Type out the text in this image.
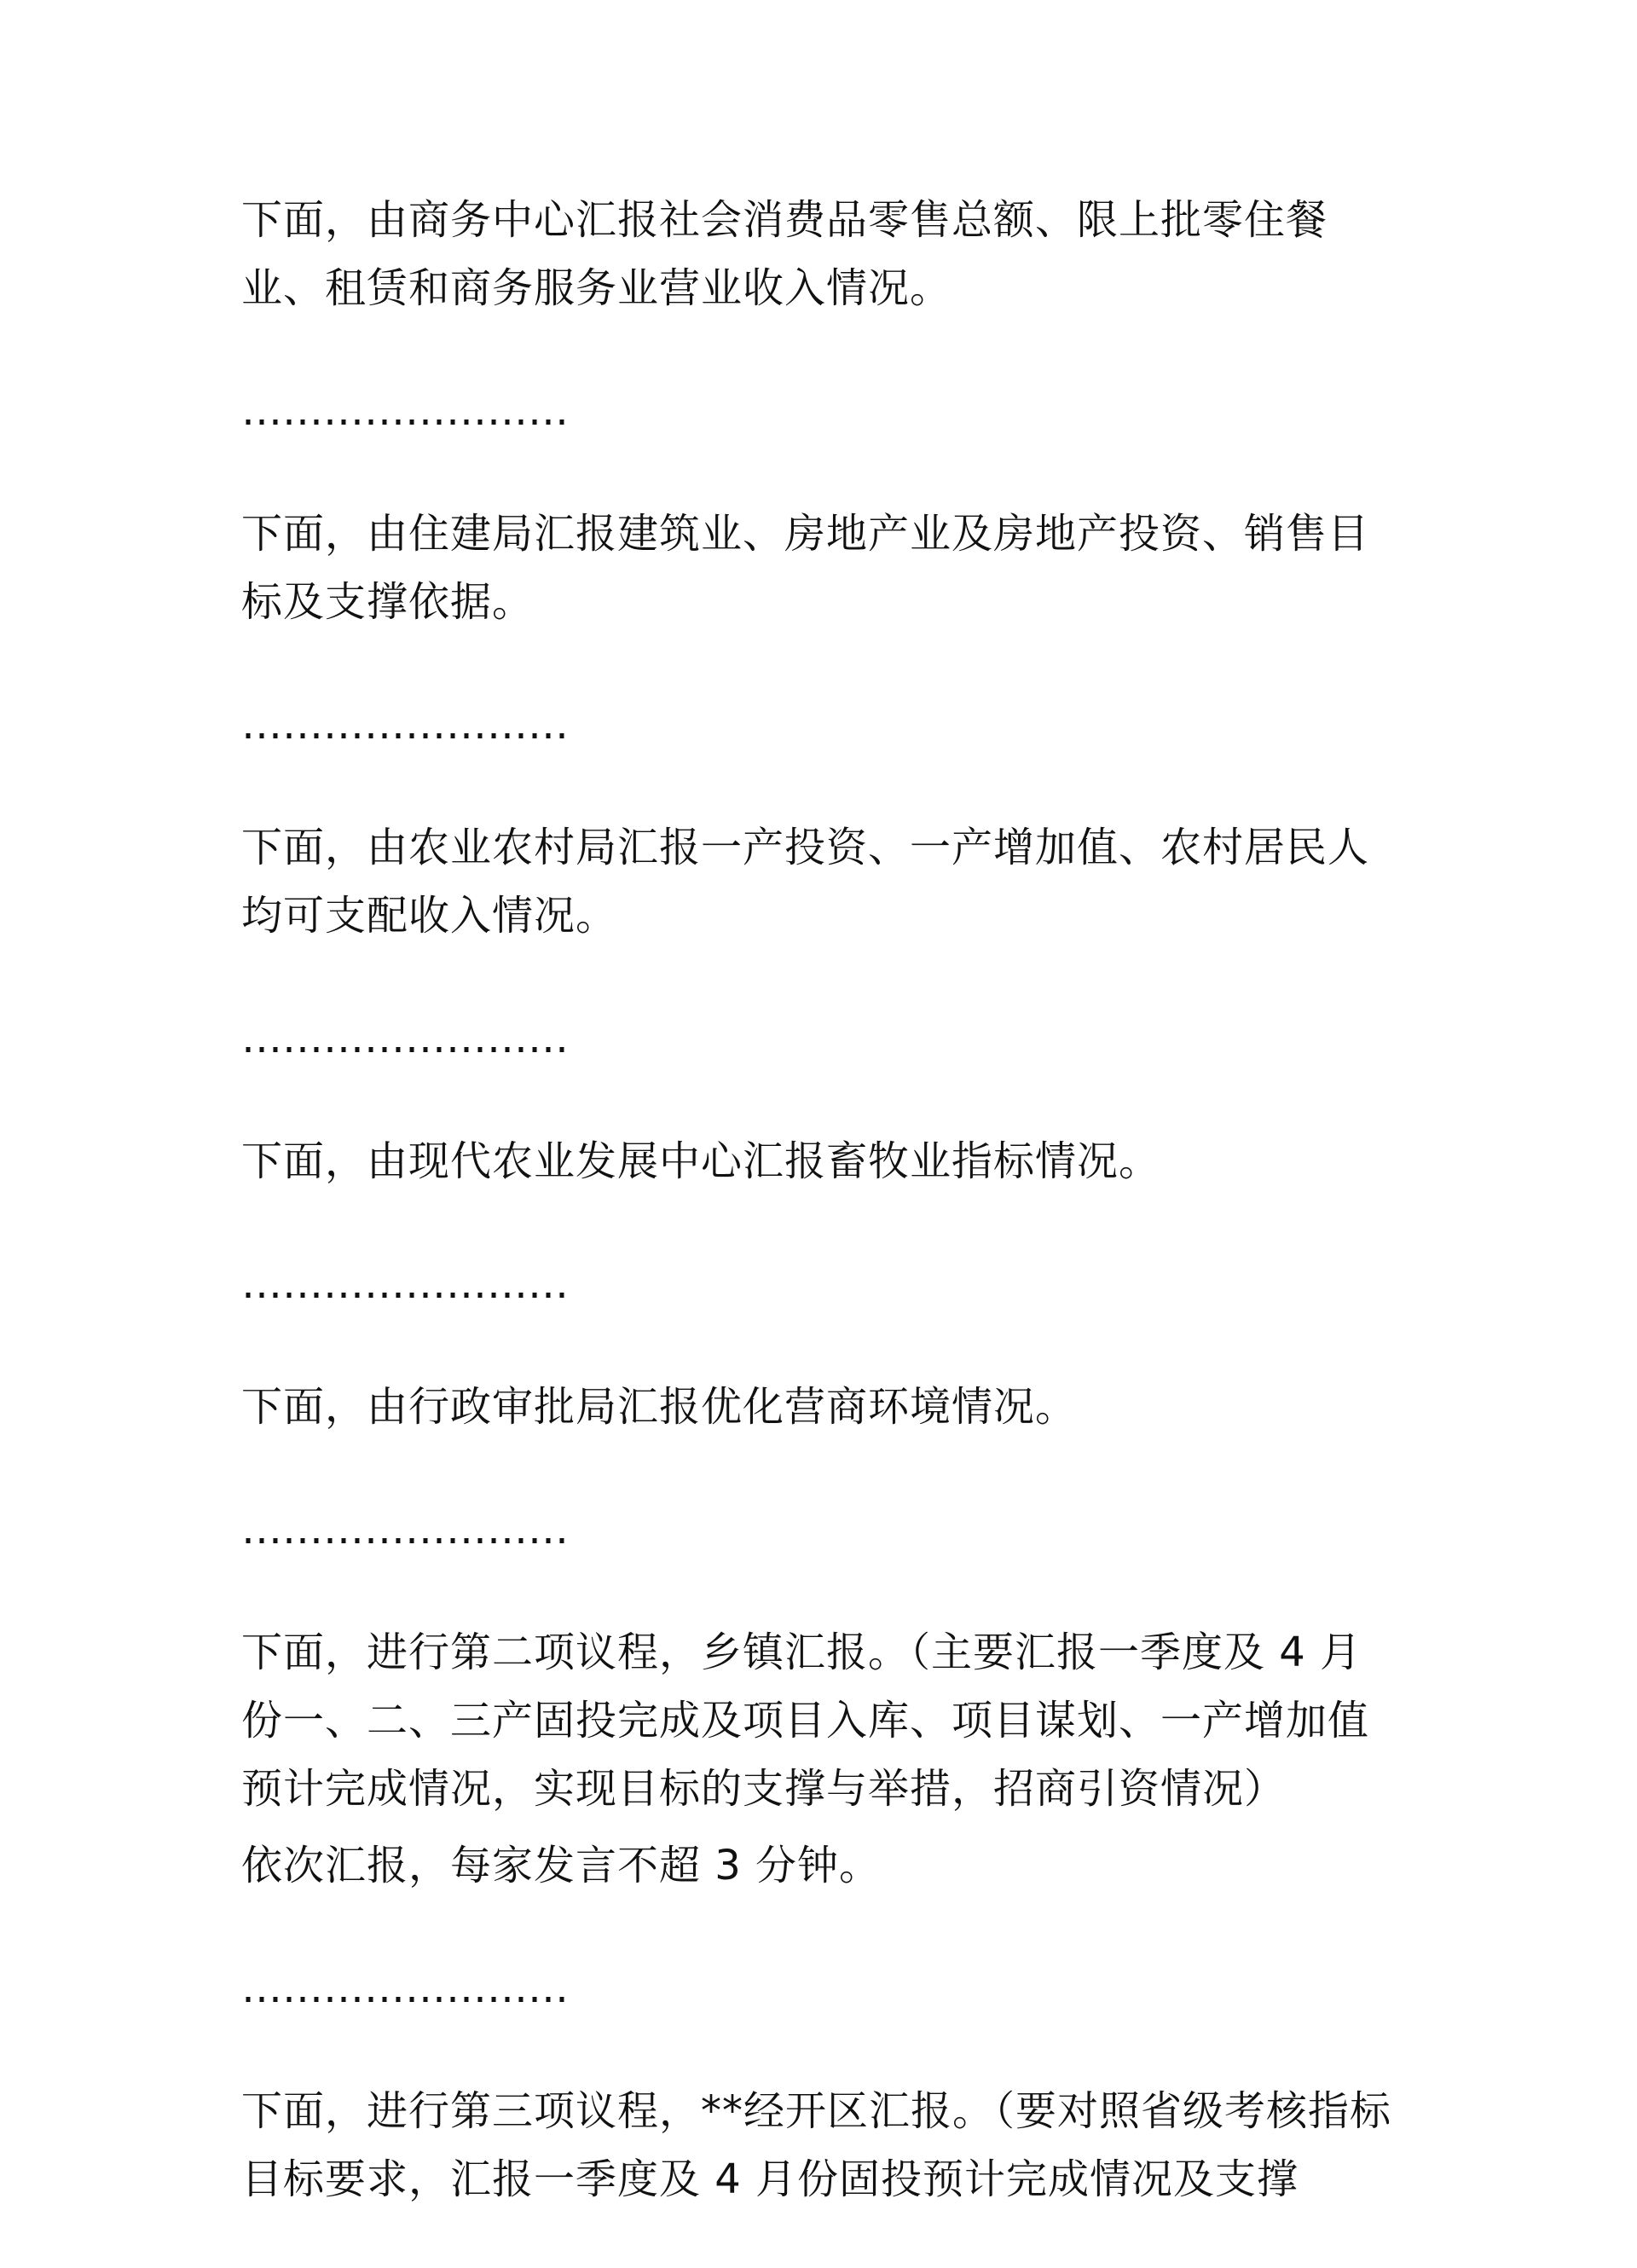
下面，由商务中心汇报社会消费品零售总额、限上批零住餐业、租赁和商务服务业营业收入情况。

……………………

下面，由住建局汇报建筑业、房地产业及房地产投资、销售目标及支撑依据。

……………………

下面，由农业农村局汇报一产投资、一产增加值、农村居民人均可支配收入情况。

……………………

下面，由现代农业发展中心汇报畜牧业指标情况。

……………………

下面，由行政审批局汇报优化营商环境情况。

……………………

下面，进行第二项议程，乡镇汇报。（主要汇报一季度及 4 月份一、二、三产固投完成及项目入库、项目谋划、一产增加值预计完成情况，实现目标的支撑与举措，招商引资情况）

依次汇报，每家发言不超 3 分钟。

……………………

下面，进行第三项议程，**经开区汇报。（要对照省级考核指标目标要求，汇报一季度及 4 月份固投预计完成情况及支撑
